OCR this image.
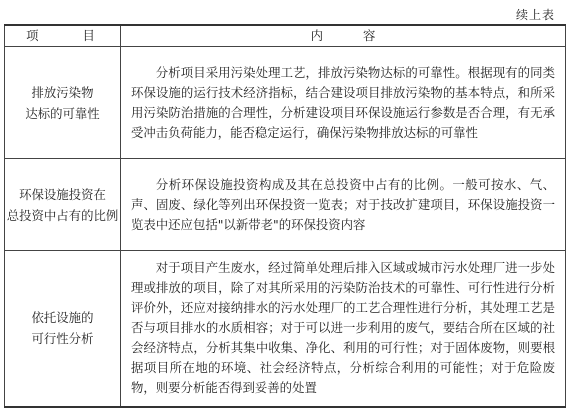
续上表
项 目	内 容
排放污染物
达标的可靠性	分析项目采用污染处理工艺，排放污染物达标的可靠性。根据现有的同类环保设施的运行技术经济指标，结合建设项目排放污染物的基本特点，和所采用污染防治措施的合理性，分析建设项目环保设施运行参数是否合理，有无承受冲击负荷能力，能否稳定运行，确保污染物排放达标的可靠性
环保设施投资在
总投资中占有的比例	分析环保设施投资构成及其在总投资中占有的比例。一般可按水、气、声、固废、绿化等列出环保投资一览表；对于技改扩建项目，环保设施投资一览表中还应包括"以新带老"的环保投资内容
依托设施的
可行性分析	对于项目产生废水，经过简单处理后排入区域或城市污水处理厂进一步处理或排放的项目，除了对其所采用的污染防治技术的可靠性、可行性进行分析评价外，还应对接纳排水的污水处理厂的工艺合理性进行分析，其处理工艺是否与项目排水的水质相容；对于可以进一步利用的废气，要结合所在区域的社会经济特点，分析其集中收集、净化、利用的可行性；对于固体废物，则要根据项目所在地的环境、社会经济特点，分析综合利用的可能性；对于危险废物，则要分析能否得到妥善的处置
